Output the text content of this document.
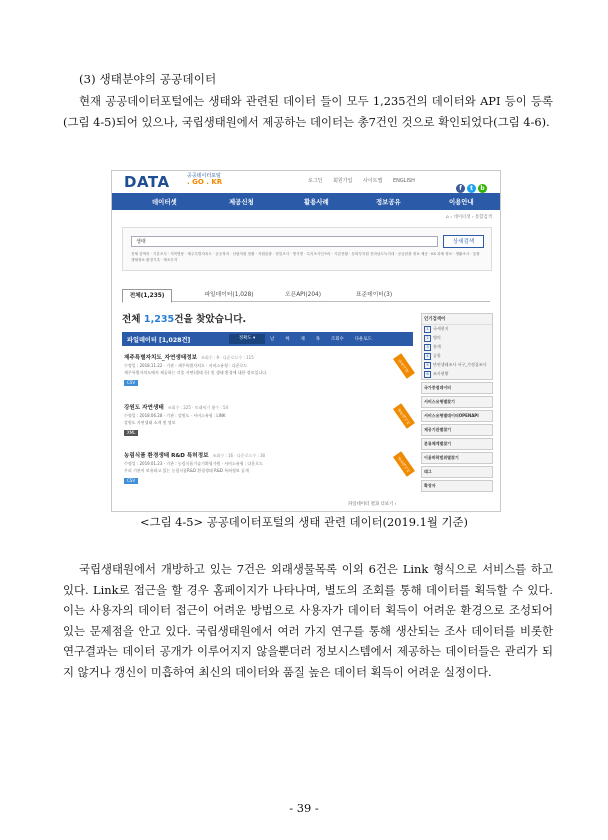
(3) 생태분야의 공공데이터
현재 공공데이터포털에는 생태와 관련된 데이터 들이 모두 1,235건의 데이터와 API 등이 등록(그림 4-5)되어 있으나, 국립생태원에서 제공하는 데이터는 총7건인 것으로 확인되었다(그림 4-6).
DATA	공공데이터포털
. GO . KR	로그인 회원가입 사이트맵 ENGLISH
f t b
데이터셋	제공신청	활용사례	정보공유	이용안내
⌂ › 데이터셋 › 통합검색
생태	상세검색
전체 검색어 · 기본조사 · 지목별용 · 제주특별자치도 · 공공복지 · 산림자원 현황 · 자원관광 · 정밀조사 · 명식명 · 특지조사인프라 · 기본현황 · 문화부지원 전라남도녹지대 · 공공관광 정보 제공 · KS 과제 정보 · 생활조사 · 통합생태정보 환경기록 · 제조투자
전체(1,235)	파일데이터(1,028)	오픈API(204)	표준데이터(3)
전체 1,235건을 찾았습니다.
파일데이터 [1,028건]	정확도 ▾	날	짜	제	목	조회수	다운로드
제주특별자치도_자연생태정보 조회수 : 9 · 다운로드수 : 115
수정일 : 2018.11.22 · 기관 : 제주특별자치도 · 서비스유형 : 다운로드
제주특별자치도에서 제공하는 각종 자연(생태 등) 및 생태 환경에 대한 정보입니다.
CSV
등록기관
강원도 자연생태 조회수 : 225 · 트래픽기 횟수 : 54
수정일 : 2018.06.28 · 기관 : 강원도 · 서비스유형 : LINK
강원도 자연생태 소개 및 정보
XML
원문데이터
농림식품 환경생태 R&D 특허정보 조회수 : 16 · 다운로드수 : 30
수정일 : 2019.01.23 · 기관 : 농림식품기술기획평가원 · 서비스유형 : 다운로드
우리 기관이 보유하고 있는 농림식품R&D 환경생태 R&D 특허정보 공개
CSV
공공데이터
파일데이터 결과 더보기 ›
인기검색어
1 국세현지
2 병의
3 통계
4 공항
5 단연생태조사 서구_가정집조사
6 조사현황
국가중점데이터
서비스유형별찾기
서비스유형별데이터OPENAPI
제공기관별찾기
분류체계별찾기
이용허락범위별찾기
태그
확장자
<그림 4-5> 공공데이터포털의 생태 관련 데이터(2019.1월 기준)
국립생태원에서 개방하고 있는 7건은 외래생물목록 이외 6건은 Link 형식으로 서비스를 하고 있다. Link로 접근을 할 경우 홈페이지가 나타나며, 별도의 조회를 통해 데이터를 획득할 수 있다. 이는 사용자의 데이터 접근이 어려운 방법으로 사용자가 데이터 획득이 어려운 환경으로 조성되어 있는 문제점을 안고 있다. 국립생태원에서 여러 가지 연구를 통해 생산되는 조사 데이터를 비롯한 연구결과는 데이터 공개가 이루어지지 않을뿐더러 정보시스템에서 제공하는 데이터들은 관리가 되지 않거나 갱신이 미흡하여 최신의 데이터와 품질 높은 데이터 획득이 어려운 실정이다.
- 39 -
